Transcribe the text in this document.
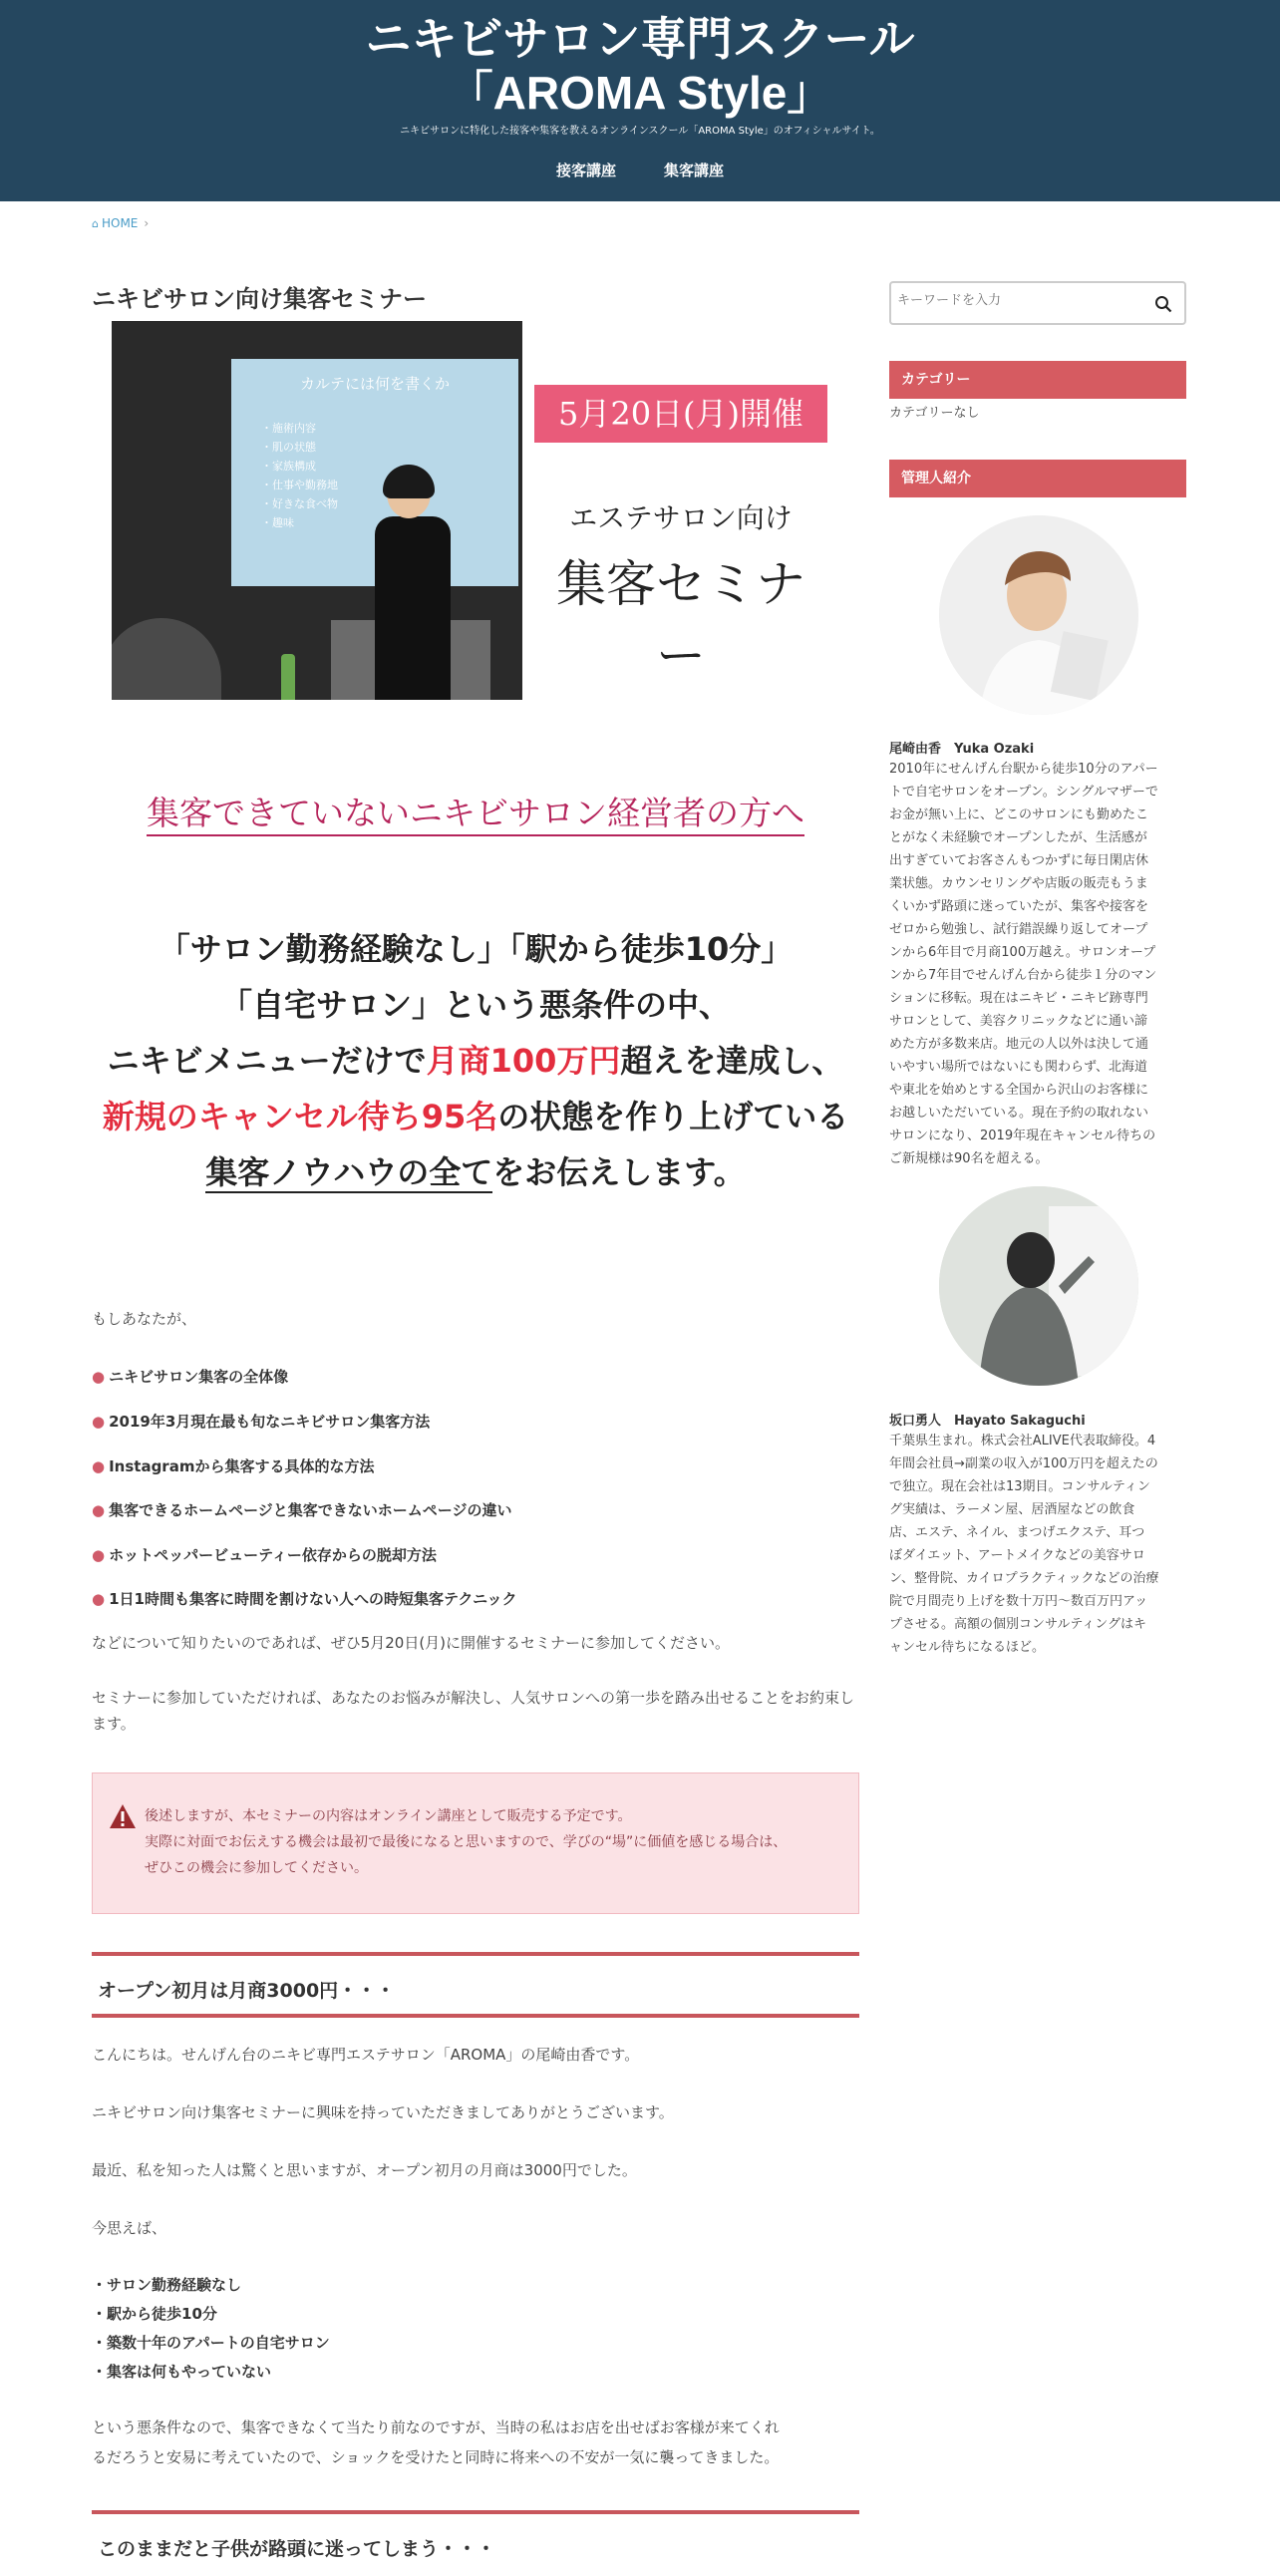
ニキビサロン専門スクール
「AROMA Style」
ニキビサロンに特化した接客や集客を教えるオンラインスクール「AROMA Style」のオフィシャルサイト。
接客講座	集客講座
⌂ HOME ›
ニキビサロン向け集客セミナー
カルテには何を書くか
・施術内容
・肌の状態
・家族構成
・仕事や勤務地
・好きな食べ物
・趣味
5月20日(月)開催
エステサロン向け
集客セミナー
集客できていないニキビサロン経営者の方へ
「サロン勤務経験なし」「駅から徒歩10分」
「自宅サロン」という悪条件の中、
ニキビメニューだけで月商100万円超えを達成し、
新規のキャンセル待ち95名の状態を作り上げている
集客ノウハウの全てをお伝えします。
もしあなたが、
● ニキビサロン集客の全体像
● 2019年3月現在最も旬なニキビサロン集客方法
● Instagramから集客する具体的な方法
● 集客できるホームページと集客できないホームページの違い
● ホットペッパービューティー依存からの脱却方法
● 1日1時間も集客に時間を割けない人への時短集客テクニック
などについて知りたいのであれば、ぜひ5月20日(月)に開催するセミナーに参加してください。
セミナーに参加していただければ、あなたのお悩みが解決し、人気サロンへの第一歩を踏み出せることをお約束します。
後述しますが、本セミナーの内容はオンライン講座として販売する予定です。
実際に対面でお伝えする機会は最初で最後になると思いますので、学びの“場”に価値を感じる場合は、
ぜひこの機会に参加してください。
オープン初月は月商3000円・・・
こんにちは。せんげん台のニキビ専門エステサロン「AROMA」の尾崎由香です。
ニキビサロン向け集客セミナーに興味を持っていただきましてありがとうございます。
最近、私を知った人は驚くと思いますが、オープン初月の月商は3000円でした。
今思えば、
・サロン勤務経験なし
・駅から徒歩10分
・築数十年のアパートの自宅サロン
・集客は何もやっていない
という悪条件なので、集客できなくて当たり前なのですが、当時の私はお店を出せばお客様が来てくれ
るだろうと安易に考えていたので、ショックを受けたと同時に将来への不安が一気に襲ってきました。
このままだと子供が路頭に迷ってしまう・・・
キーワードを入力
カテゴリー
カテゴリーなし
管理人紹介
尾崎由香　Yuka Ozaki
2010年にせんげん台駅から徒歩10分のアパー
トで自宅サロンをオープン。シングルマザーで
お金が無い上に、どこのサロンにも勤めたこ
とがなく未経験でオープンしたが、生活感が
出すぎていてお客さんもつかずに毎日閑店休
業状態。カウンセリングや店販の販売もうま
くいかず路頭に迷っていたが、集客や接客を
ゼロから勉強し、試行錯誤繰り返してオープ
ンから6年目で月商100万越え。サロンオープ
ンから7年目でせんげん台から徒歩１分のマン
ションに移転。現在はニキビ・ニキビ跡専門
サロンとして、美容クリニックなどに通い諦
めた方が多数来店。地元の人以外は決して通
いやすい場所ではないにも関わらず、北海道
や東北を始めとする全国から沢山のお客様に
お越しいただいている。現在予約の取れない
サロンになり、2019年現在キャンセル待ちの
ご新規様は90名を超える。
坂口勇人　Hayato Sakaguchi
千葉県生まれ。株式会社ALIVE代表取締役。4
年間会社員→副業の収入が100万円を超えたの
で独立。現在会社は13期目。コンサルティン
グ実績は、ラーメン屋、居酒屋などの飲食
店、エステ、ネイル、まつげエクステ、耳つ
ぼダイエット、アートメイクなどの美容サロ
ン、整骨院、カイロプラクティックなどの治療
院で月間売り上げを数十万円〜数百万円アッ
プさせる。高額の個別コンサルティングはキ
ャンセル待ちになるほど。
